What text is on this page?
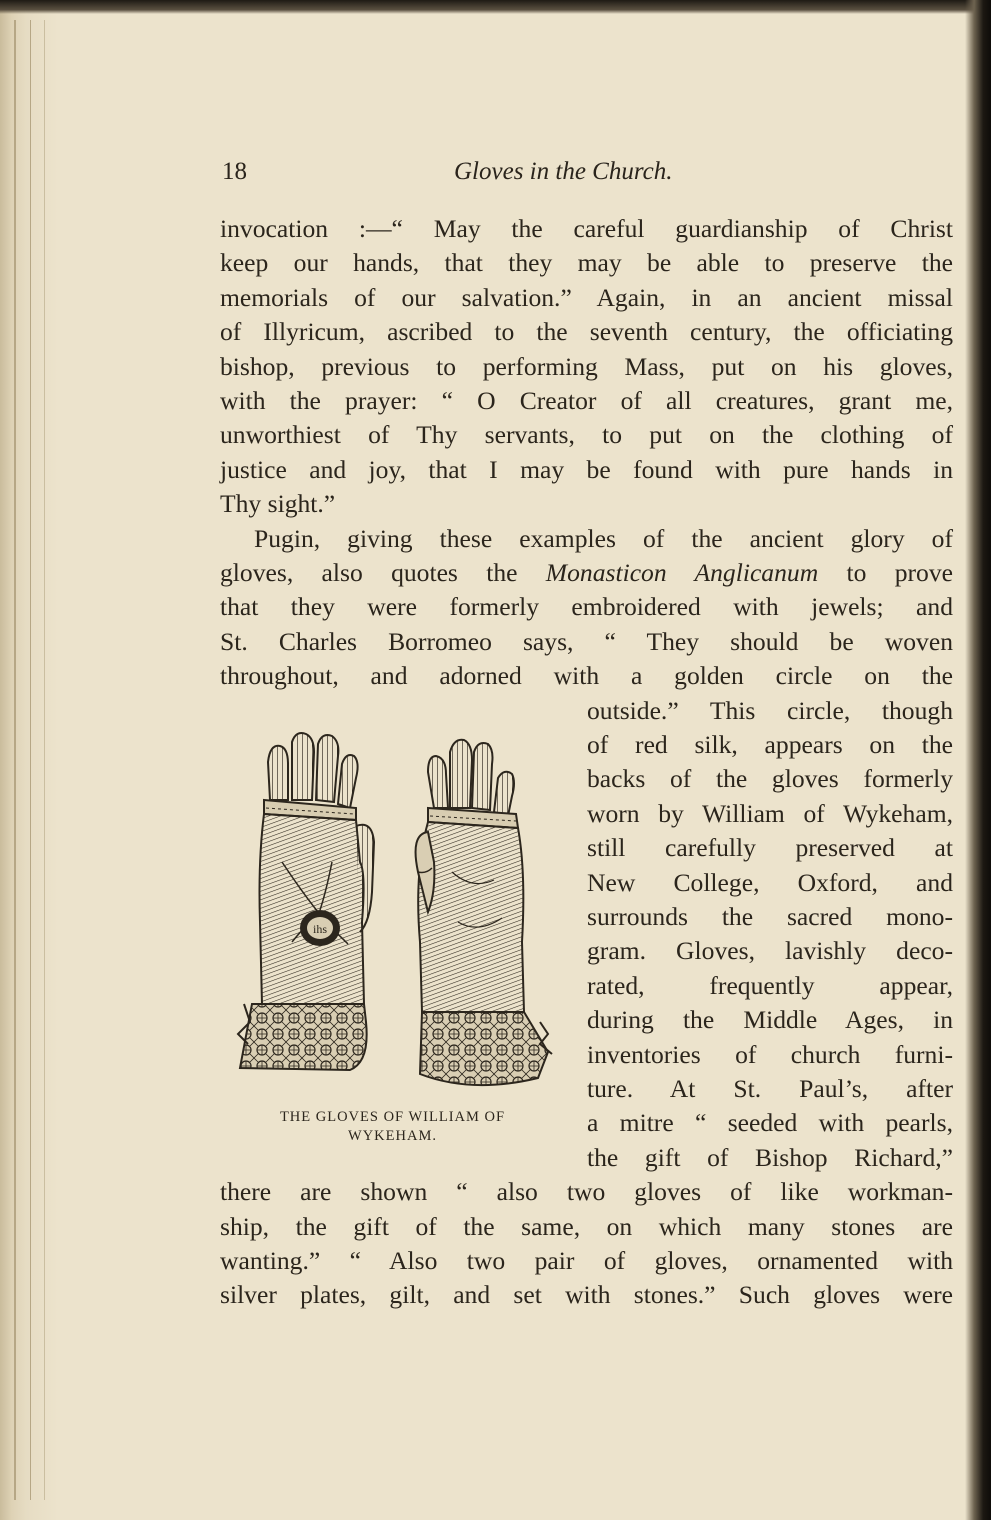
18	Gloves in the Church.
invocation :—“ May the careful guardianship of Christ
keep our hands, that they may be able to preserve the
memorials of our salvation.” Again, in an ancient missal
of Illyricum, ascribed to the seventh century, the officiating
bishop, previous to performing Mass, put on his gloves,
with the prayer: “ O Creator of all creatures, grant me,
unworthiest of Thy servants, to put on the clothing of
justice and joy, that I may be found with pure hands in
Thy sight.”
Pugin, giving these examples of the ancient glory of
gloves, also quotes the Monasticon Anglicanum to prove
that they were formerly embroidered with jewels; and
St. Charles Borromeo says, “ They should be woven
throughout, and adorned with a golden circle on the
outside.” This circle, though
of red silk, appears on the
backs of the gloves formerly
worn by William of Wykeham,
still carefully preserved at
New College, Oxford, and
surrounds the sacred mono-
gram. Gloves, lavishly deco-
rated, frequently appear,
during the Middle Ages, in
inventories of church furni-
ture. At St. Paul’s, after
a mitre “ seeded with pearls,
the gift of Bishop Richard,”
there are shown “ also two gloves of like workman-
ship, the gift of the same, on which many stones are
wanting.” “ Also two pair of gloves, ornamented with
silver plates, gilt, and set with stones.” Such gloves were
ihs
THE GLOVES OF WILLIAM OF
WYKEHAM.
